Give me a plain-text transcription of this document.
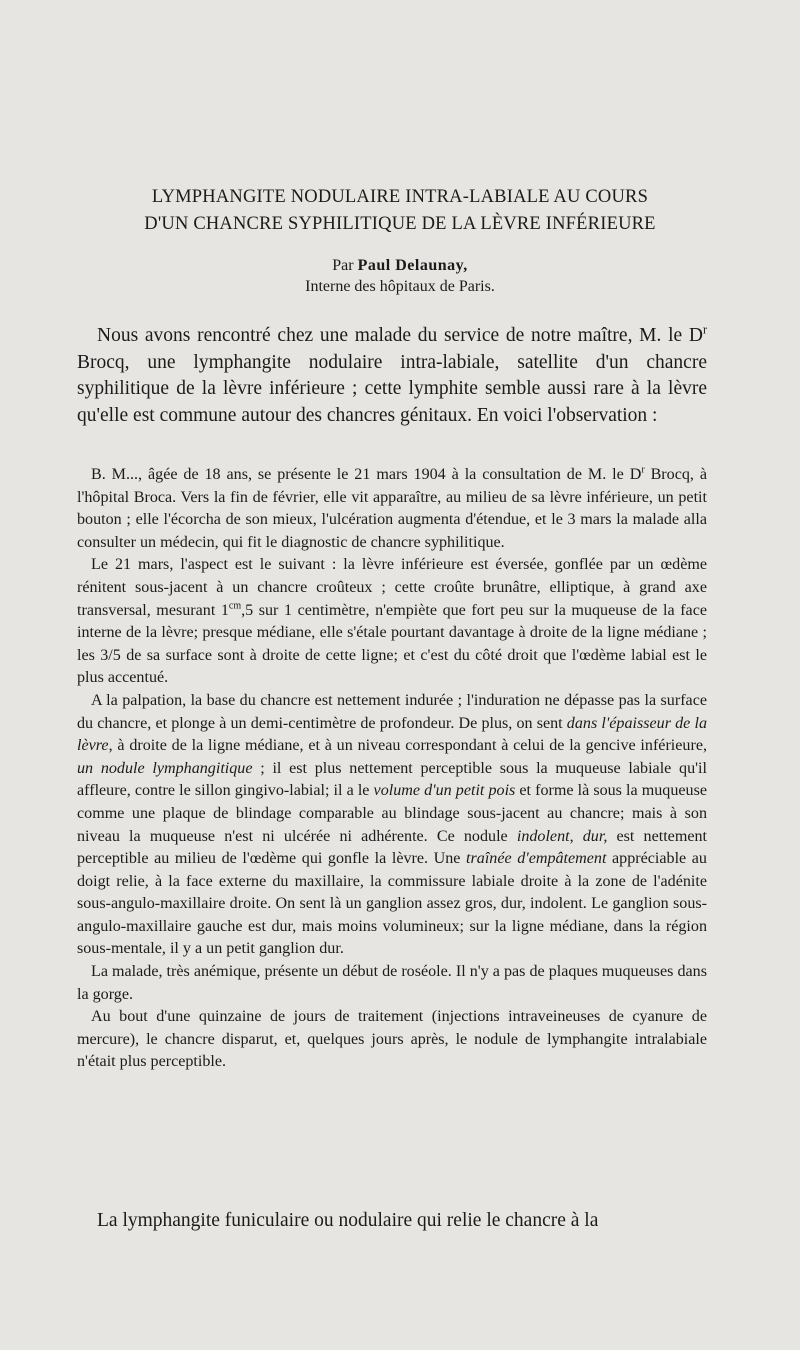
LYMPHANGITE NODULAIRE INTRA-LABIALE AU COURS
D'UN CHANCRE SYPHILITIQUE DE LA LÈVRE INFÉRIEURE
Par Paul Delaunay,
Interne des hôpitaux de Paris.
Nous avons rencontré chez une malade du service de notre maître, M. le $D^r$ Brocq, une lymphangite nodulaire intra-labiale, satellite d'un chancre syphilitique de la lèvre inférieure ; cette lymphite semble aussi rare à la lèvre qu'elle est commune autour des chancres génitaux. En voici l'observation :

B. M..., âgée de 18 ans, se présente le 21 mars 1904 à la consultation de M. le $D^r$ Brocq, à l'hôpital Broca. Vers la fin de février, elle vit apparaître, au milieu de sa lèvre inférieure, un petit bouton ; elle l'écorcha de son mieux, l'ulcération augmenta d'étendue, et le 3 mars la malade alla consulter un médecin, qui fit le diagnostic de chancre syphilitique.

Le 21 mars, l'aspect est le suivant : la lèvre inférieure est éversée, gonflée par un œdème rénitent sous-jacent à un chancre croûteux ; cette croûte brunâtre, elliptique, à grand axe transversal, mesurant $1^{cm},5$ sur 1 centimètre, n'empiète que fort peu sur la muqueuse de la face interne de la lèvre; presque médiane, elle s'étale pourtant davantage à droite de la ligne médiane ; les 3/5 de sa surface sont à droite de cette ligne; et c'est du côté droit que l'œdème labial est le plus accentué.

A la palpation, la base du chancre est nettement indurée ; l'induration ne dépasse pas la surface du chancre, et plonge à un demi-centimètre de profondeur. De plus, on sent dans l'épaisseur de la lèvre, à droite de la ligne médiane, et à un niveau correspondant à celui de la gencive inférieure, un nodule lymphangitique ; il est plus nettement perceptible sous la muqueuse labiale qu'il affleure, contre le sillon gingivo-labial; il a le volume d'un petit pois et forme là sous la muqueuse comme une plaque de blindage comparable au blindage sous-jacent au chancre; mais à son niveau la muqueuse n'est ni ulcérée ni adhérente. Ce nodule indolent, dur, est nettement perceptible au milieu de l'œdème qui gonfle la lèvre. Une traînée d'empâtement appréciable au doigt relie, à la face externe du maxillaire, la commissure labiale droite à la zone de l'adénite sous-angulo-maxillaire droite. On sent là un ganglion assez gros, dur, indolent. Le ganglion sous-angulo-maxillaire gauche est dur, mais moins volumineux; sur la ligne médiane, dans la région sous-mentale, il y a un petit ganglion dur.

La malade, très anémique, présente un début de roséole. Il n'y a pas de plaques muqueuses dans la gorge.

Au bout d'une quinzaine de jours de traitement (injections intraveineuses de cyanure de mercure), le chancre disparut, et, quelques jours après, le nodule de lymphangite intralabiale n'était plus perceptible.

La lymphangite funiculaire ou nodulaire qui relie le chancre à la
